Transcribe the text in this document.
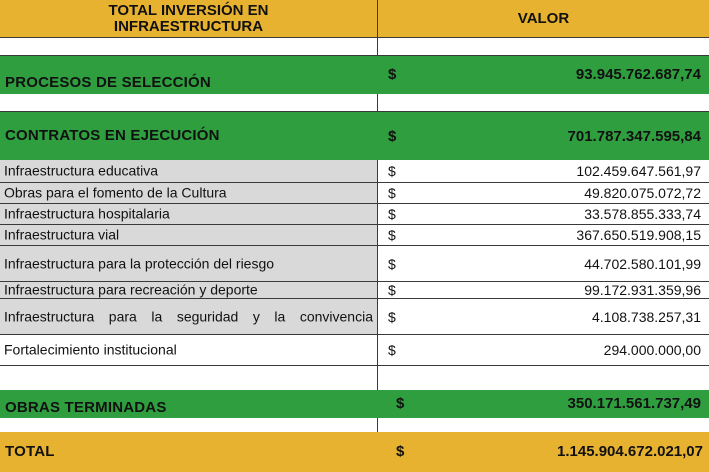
TOTAL INVERSIÓN EN
INFRAESTRUCTURA	VALOR
PROCESOS DE SELECCIÓN	$	93.945.762.687,74
CONTRATOS EN EJECUCIÓN	$	701.787.347.595,84
Infraestructura educativa	$	102.459.647.561,97
Obras para el fomento de la Cultura	$	49.820.075.072,72
Infraestructura hospitalaria	$	33.578.855.333,74
Infraestructura vial	$	367.650.519.908,15
Infraestructura para la protección del riesgo	$	44.702.580.101,99
Infraestructura para recreación y deporte	$	99.172.931.359,96
Infraestructura para la seguridad y la convivencia $	4.108.738.257,31
Fortalecimiento institucional	$	294.000.000,00
OBRAS TERMINADAS	$	350.171.561.737,49
TOTAL	$	1.145.904.672.021,07
